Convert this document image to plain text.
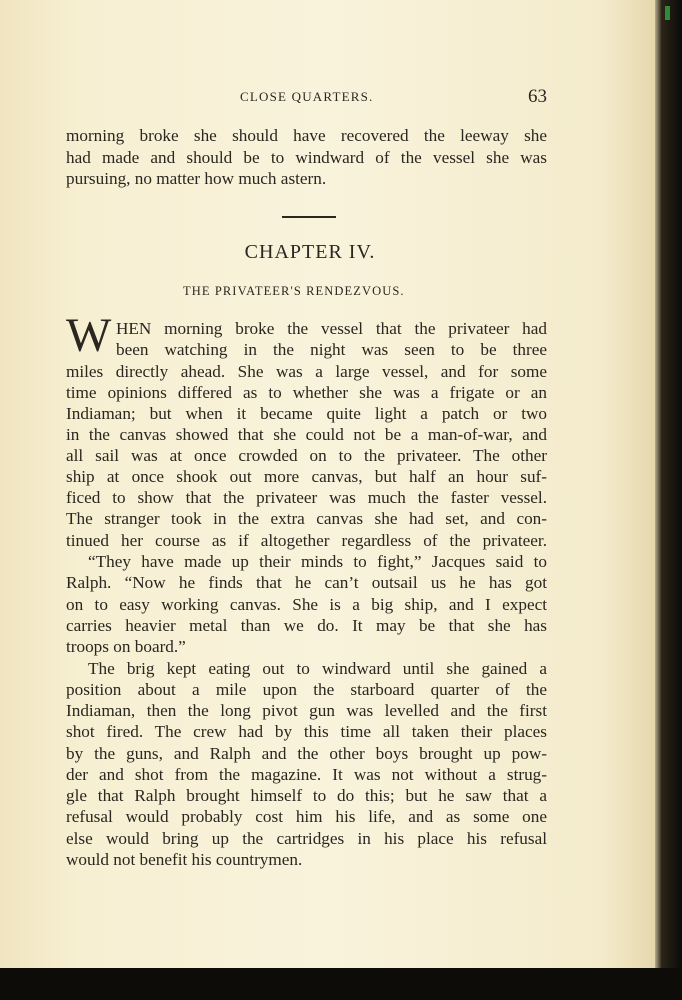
CLOSE QUARTERS.	63
morning broke she should have recovered the leeway she
had made and should be to windward of the vessel she was
pursuing, no matter how much astern.
CHAPTER IV.
THE PRIVATEER'S RENDEZVOUS.
W HEN morning broke the vessel that the privateer had
been watching in the night was seen to be three
miles directly ahead. She was a large vessel, and for some
time opinions differed as to whether she was a frigate or an
Indiaman; but when it became quite light a patch or two
in the canvas showed that she could not be a man-of-war, and
all sail was at once crowded on to the privateer. The other
ship at once shook out more canvas, but half an hour suf-
ficed to show that the privateer was much the faster vessel.
The stranger took in the extra canvas she had set, and con-
tinued her course as if altogether regardless of the privateer.
“They have made up their minds to fight,” Jacques said to
Ralph. “Now he finds that he can’t outsail us he has got
on to easy working canvas. She is a big ship, and I expect
carries heavier metal than we do. It may be that she has
troops on board.”
The brig kept eating out to windward until she gained a
position about a mile upon the starboard quarter of the
Indiaman, then the long pivot gun was levelled and the first
shot fired. The crew had by this time all taken their places
by the guns, and Ralph and the other boys brought up pow-
der and shot from the magazine. It was not without a strug-
gle that Ralph brought himself to do this; but he saw that a
refusal would probably cost him his life, and as some one
else would bring up the cartridges in his place his refusal
would not benefit his countrymen.
